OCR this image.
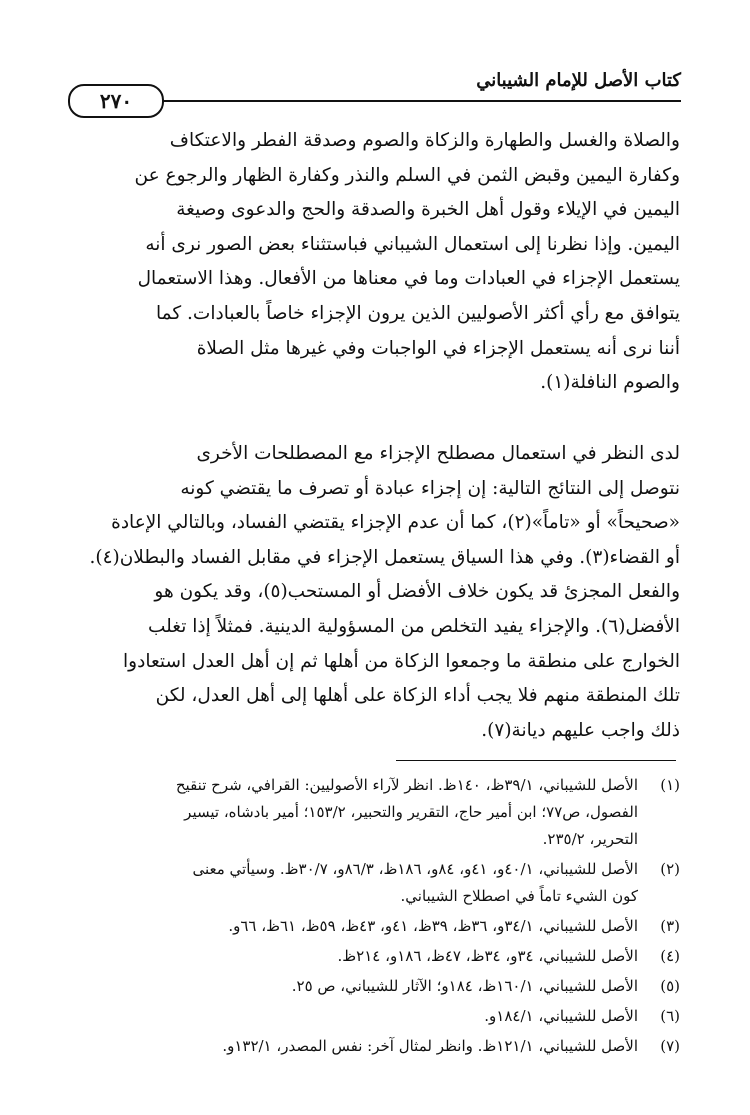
كتاب الأصل للإمام الشيباني
٢٧٠
والصلاة والغسل والطهارة والزكاة والصوم وصدقة الفطر والاعتكاف
وكفارة اليمين وقبض الثمن في السلم والنذر وكفارة الظهار والرجوع عن
اليمين في الإيلاء وقول أهل الخبرة والصدقة والحج والدعوى وصيغة
اليمين. وإذا نظرنا إلى استعمال الشيباني فباستثناء بعض الصور نرى أنه
يستعمل الإجزاء في العبادات وما في معناها من الأفعال. وهذا الاستعمال
يتوافق مع رأي أكثر الأصوليين الذين يرون الإجزاء خاصاً بالعبادات. كما
أننا نرى أنه يستعمل الإجزاء في الواجبات وفي غيرها مثل الصلاة
والصوم النافلة(١).
لدى النظر في استعمال مصطلح الإجزاء مع المصطلحات الأخرى
نتوصل إلى النتائج التالية: إن إجزاء عبادة أو تصرف ما يقتضي كونه
«صحيحاً» أو «تاماً»(٢)، كما أن عدم الإجزاء يقتضي الفساد، وبالتالي الإعادة
أو القضاء(٣). وفي هذا السياق يستعمل الإجزاء في مقابل الفساد والبطلان(٤).
والفعل المجزئ قد يكون خلاف الأفضل أو المستحب(٥)، وقد يكون هو
الأفضل(٦). والإجزاء يفيد التخلص من المسؤولية الدينية. فمثلاً إذا تغلب
الخوارج على منطقة ما وجمعوا الزكاة من أهلها ثم إن أهل العدل استعادوا
تلك المنطقة منهم فلا يجب أداء الزكاة على أهلها إلى أهل العدل، لكن
ذلك واجب عليهم ديانة(٧).
(١)
الأصل للشيباني، ٣٩/١ظ، ١٤٠ظ. انظر لآراء الأصوليين: القرافي، شرح تنقيح
الفصول، ص٧٧؛ ابن أمير حاج، التقرير والتحبير، ١٥٣/٢؛ أمير بادشاه، تيسير
التحرير، ٢٣٥/٢.
(٢)
الأصل للشيباني، ٤٠/١و، ٤١و، ٨٤و، ١٨٦ظ، ٨٦/٣و، ٣٠/٧ظ. وسيأتي معنى
كون الشيء تاماً في اصطلاح الشيباني.
(٣)
الأصل للشيباني، ٣٤/١و، ٣٦ظ، ٣٩ظ، ٤١و، ٤٣ظ، ٥٩ظ، ٦١ظ، ٦٦و.
(٤)
الأصل للشيباني، ٣٤و، ٣٤ظ، ٤٧ظ، ١٨٦و، ٢١٤ظ.
(٥)
الأصل للشيباني، ١٦٠/١ظ، ١٨٤و؛ الآثار للشيباني، ص ٢٥.
(٦)
الأصل للشيباني، ١٨٤/١و.
(٧)
الأصل للشيباني، ١٢١/١ظ. وانظر لمثال آخر: نفس المصدر، ١٣٢/١و.
